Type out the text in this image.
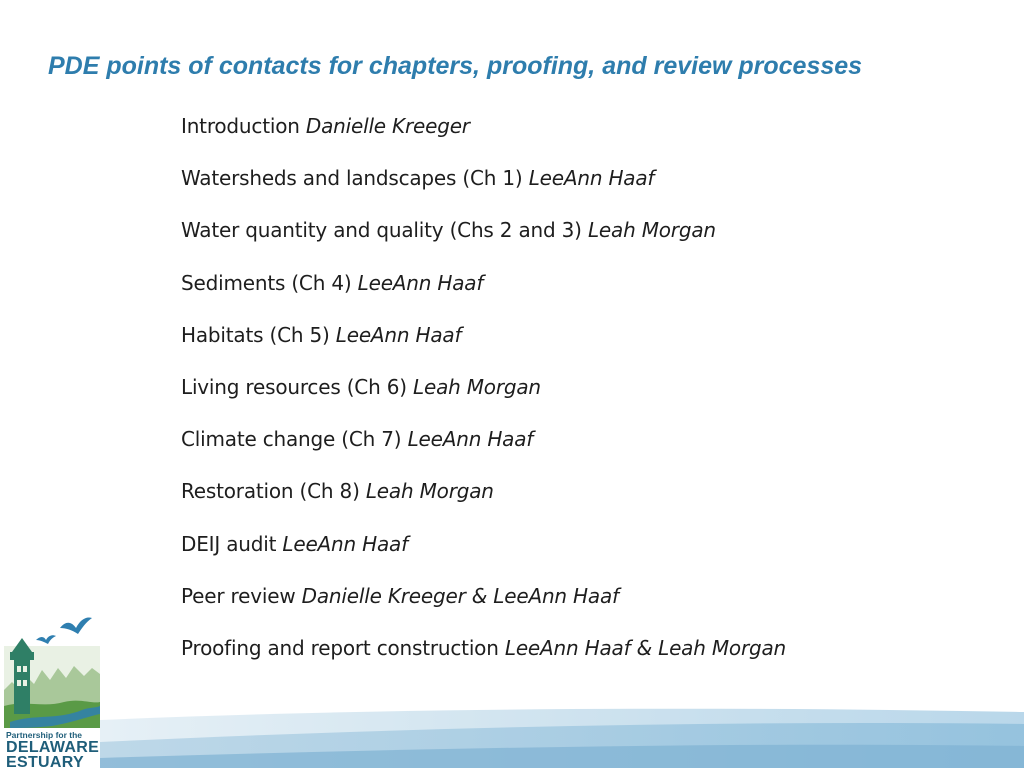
PDE points of contacts for chapters, proofing, and review processes
Introduction Danielle Kreeger
Watersheds and landscapes (Ch 1) LeeAnn Haaf
Water quantity and quality (Chs 2 and 3) Leah Morgan
Sediments (Ch 4) LeeAnn Haaf
Habitats (Ch 5) LeeAnn Haaf
Living resources (Ch 6) Leah Morgan
Climate change (Ch 7) LeeAnn Haaf
Restoration (Ch 8) Leah Morgan
DEIJ audit LeeAnn Haaf
Peer review Danielle Kreeger & LeeAnn Haaf
Proofing and report construction LeeAnn Haaf & Leah Morgan
Partnership for the
DELAWARE
ESTUARY
